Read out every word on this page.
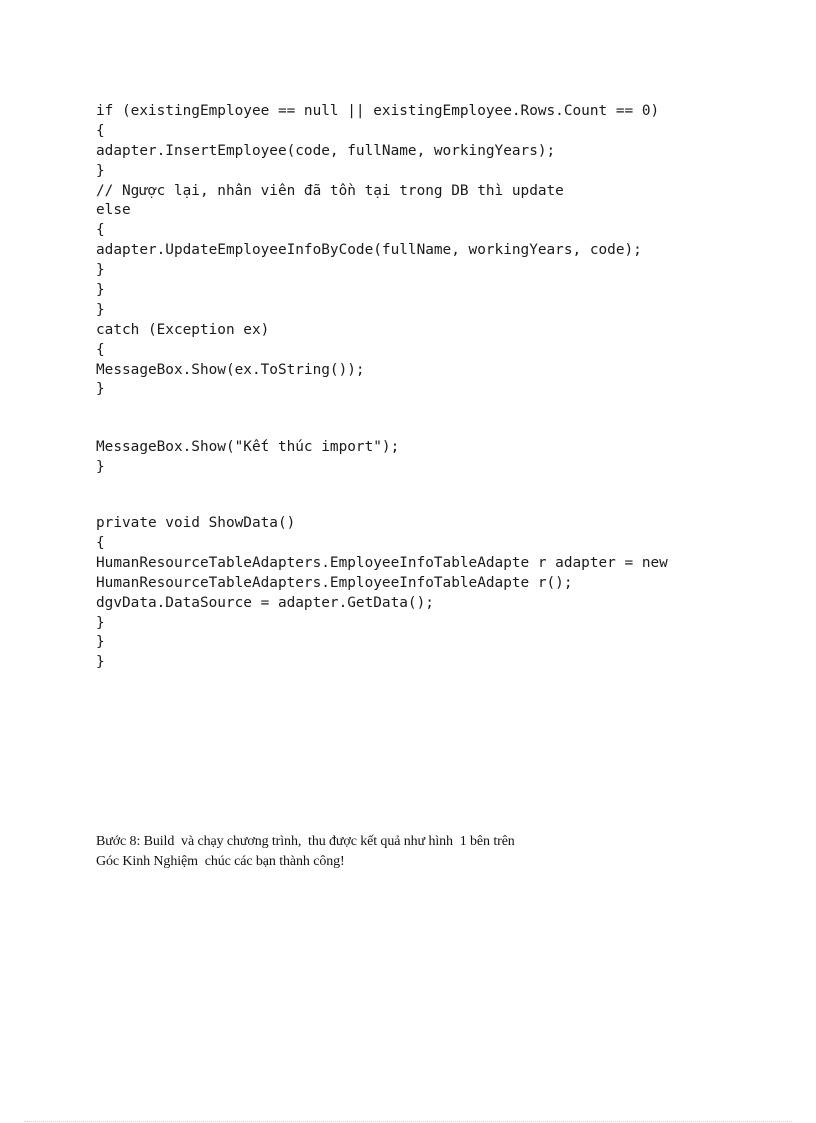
if (existingEmployee == null || existingEmployee.Rows.Count == 0)
{
adapter.InsertEmployee(code, fullName, workingYears);
}
// Ngược lại, nhân viên đã tồn tại trong DB thì update
else
{
adapter.UpdateEmployeeInfoByCode(fullName, workingYears, code);
}
}
}
catch (Exception ex)
{
MessageBox.Show(ex.ToString());
}
MessageBox.Show("Kết thúc import");
}
private void ShowData()
{
HumanResourceTableAdapters.EmployeeInfoTableAdapte r adapter = new
HumanResourceTableAdapters.EmployeeInfoTableAdapte r();
dgvData.DataSource = adapter.GetData();
}
}
}
Bước 8: Build  và chạy chương trình,  thu được kết quả như hình  1 bên trên
Góc Kinh Nghiệm  chúc các bạn thành công!
